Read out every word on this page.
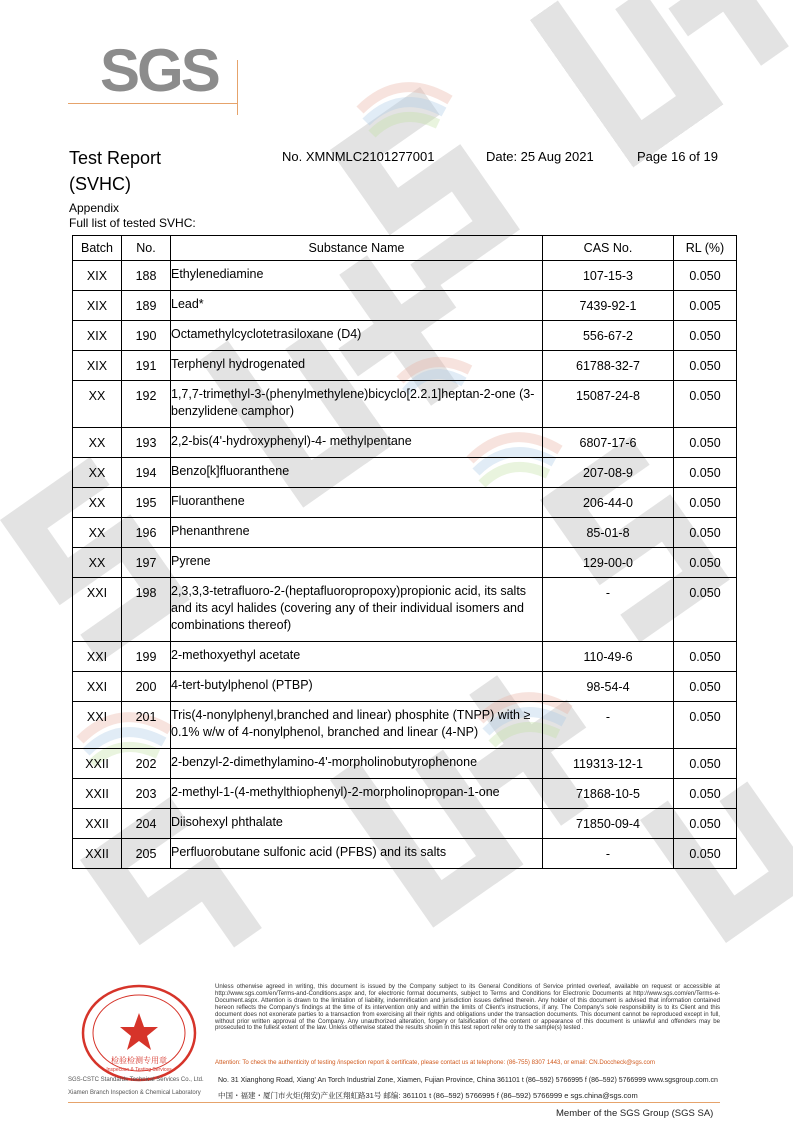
SGS
Test Report
(SVHC)
No. XMNMLC2101277001	Date: 25 Aug 2021	Page 16 of 19
Appendix
Full list of tested SVHC:
Batch	No.	Substance Name	CAS No.	RL (%)
XIX	188	Ethylenediamine	107-15-3	0.050
XIX	189	Lead*	7439-92-1	0.005
XIX	190	Octamethylcyclotetrasiloxane (D4)	556-67-2	0.050
XIX	191	Terphenyl hydrogenated	61788-32-7	0.050
XX	192	1,7,7-trimethyl-3-(phenylmethylene)bicyclo[2.2.1]heptan-2-one (3-benzylidene camphor)	15087-24-8	0.050
XX	193	2,2-bis(4'-hydroxyphenyl)-4- methylpentane	6807-17-6	0.050
XX	194	Benzo[k]fluoranthene	207-08-9	0.050
XX	195	Fluoranthene	206-44-0	0.050
XX	196	Phenanthrene	85-01-8	0.050
XX	197	Pyrene	129-00-0	0.050
XXI	198	2,3,3,3-tetrafluoro-2-(heptafluoropropoxy)propionic acid, its salts and its acyl halides (covering any of their individual isomers and combinations thereof)	-	0.050
XXI	199	2-methoxyethyl acetate	110-49-6	0.050
XXI	200	4-tert-butylphenol (PTBP)	98-54-4	0.050
XXI	201	Tris(4-nonylphenyl,branched and linear) phosphite (TNPP) with ≥ 0.1% w/w of 4-nonylphenol, branched and linear (4-NP)	-	0.050
XXII	202	2-benzyl-2-dimethylamino-4'-morpholinobutyrophenone	119313-12-1	0.050
XXII	203	2-methyl-1-(4-methylthiophenyl)-2-morpholinopropan-1-one	71868-10-5	0.050
XXII	204	Diisohexyl phthalate	71850-09-4	0.050
XXII	205	Perfluorobutane sulfonic acid (PFBS) and its salts	-	0.050
检验检测专用章
Inspection & Testing Services
SGS-CSTC Standards Technical Services Co., Ltd.
Xiamen Branch Inspection & Chemical Laboratory
Unless otherwise agreed in writing, this document is issued by the Company subject to its General Conditions of Service printed overleaf, available on request or accessible at http://www.sgs.com/en/Terms-and-Conditions.aspx and, for electronic format documents, subject to Terms and Conditions for Electronic Documents at http://www.sgs.com/en/Terms-e-Document.aspx. Attention is drawn to the limitation of liability, indemnification and jurisdiction issues defined therein. Any holder of this document is advised that information contained hereon reflects the Company's findings at the time of its intervention only and within the limits of Client's instructions, if any. The Company's sole responsibility is to its Client and this document does not exonerate parties to a transaction from exercising all their rights and obligations under the transaction documents. This document cannot be reproduced except in full, without prior written approval of the Company. Any unauthorized alteration, forgery or falsification of the content or appearance of this document is unlawful and offenders may be prosecuted to the fullest extent of the law. Unless otherwise stated the results shown in this test report refer only to the sample(s) tested .
Attention: To check the authenticity of testing /inspection report & certificate, please contact us at telephone: (86-755) 8307 1443, or email: CN.Doccheck@sgs.com
No. 31 Xianghong Road, Xiang' An Torch Industrial Zone, Xiamen, Fujian Province, China 361101 t (86–592) 5766995 f (86–592) 5766999 www.sgsgroup.com.cn
中国・福建・厦门市火炬(翔安)产业区翔虹路31号 邮编: 361101 t (86–592) 5766995 f (86–592) 5766999 e sgs.china@sgs.com
Member of the SGS Group (SGS SA)
